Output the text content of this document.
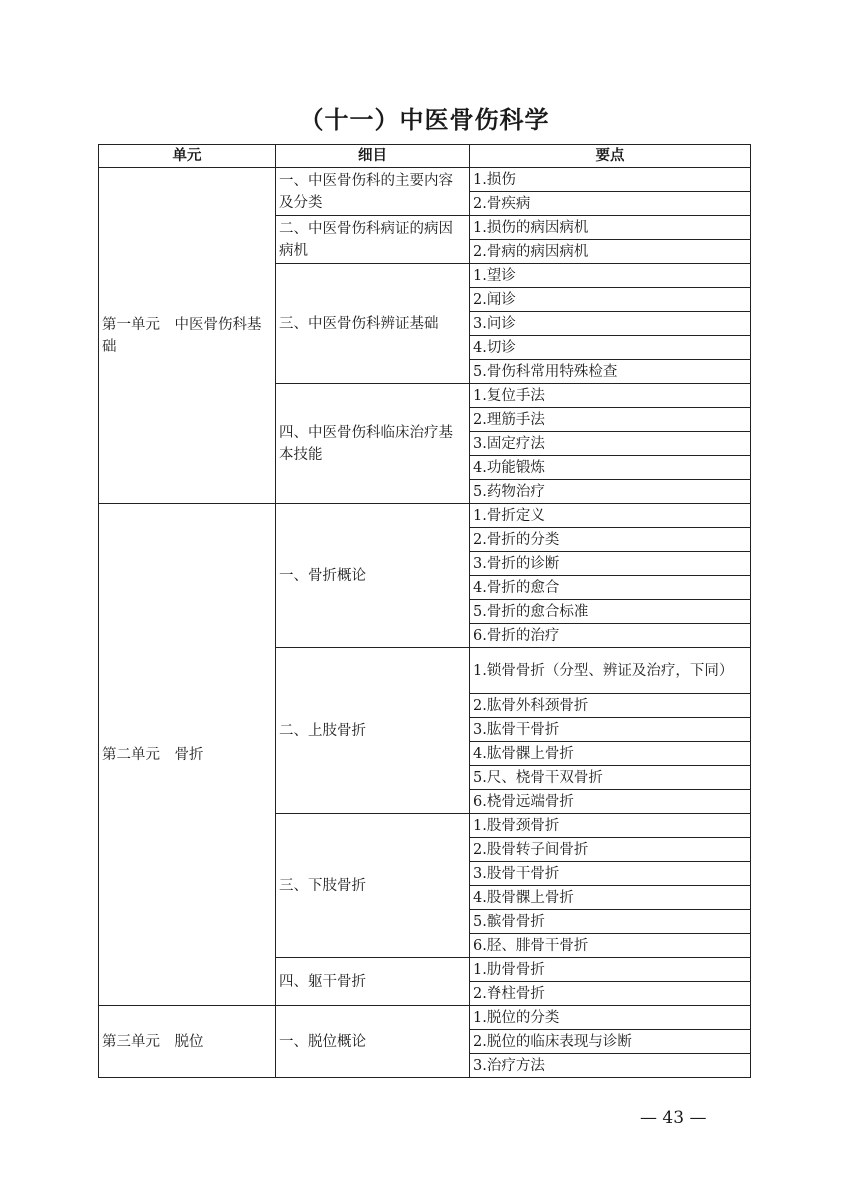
（十一）中医骨伤科学
单元	细目	要点
第一单元　中医骨伤科基础	一、中医骨伤科的主要内容及分类	1.损伤
		2.骨疾病
	二、中医骨伤科病证的病因病机	1.损伤的病因病机
		2.骨病的病因病机
	三、中医骨伤科辨证基础	1.望诊
		2.闻诊
		3.问诊
		4.切诊
		5.骨伤科常用特殊检查
	四、中医骨伤科临床治疗基本技能	1.复位手法
		2.理筋手法
		3.固定疗法
		4.功能锻炼
		5.药物治疗
第二单元　骨折	一、骨折概论	1.骨折定义
		2.骨折的分类
		3.骨折的诊断
		4.骨折的愈合
		5.骨折的愈合标准
		6.骨折的治疗
	二、上肢骨折	1.锁骨骨折（分型、辨证及治疗，下同）
		2.肱骨外科颈骨折
		3.肱骨干骨折
		4.肱骨髁上骨折
		5.尺、桡骨干双骨折
		6.桡骨远端骨折
	三、下肢骨折	1.股骨颈骨折
		2.股骨转子间骨折
		3.股骨干骨折
		4.股骨髁上骨折
		5.髌骨骨折
		6.胫、腓骨干骨折
	四、躯干骨折	1.肋骨骨折
		2.脊柱骨折
第三单元　脱位	一、脱位概论	1.脱位的分类
		2.脱位的临床表现与诊断
		3.治疗方法
— 43 —
